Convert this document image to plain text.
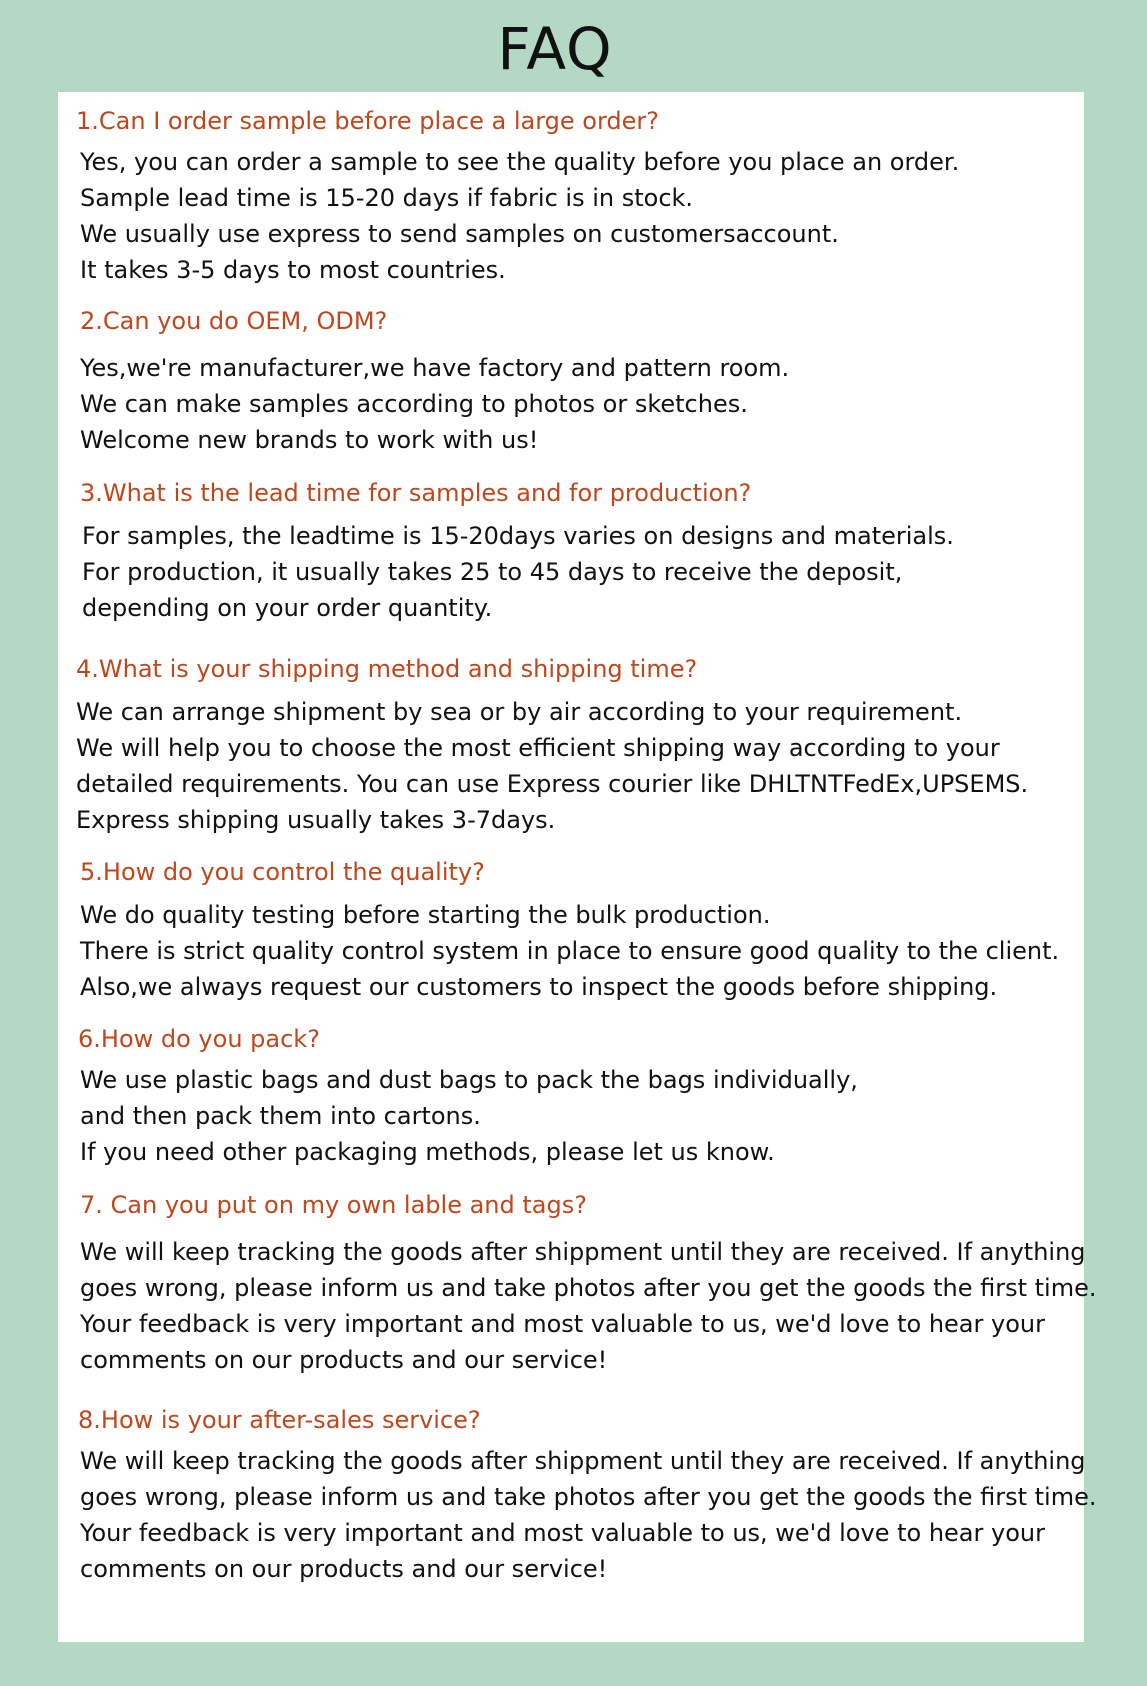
FAQ
1.Can I order sample before place a large order?
Yes, you can order a sample to see the quality before you place an order.
Sample lead time is 15-20 days if fabric is in stock.
We usually use express to send samples on customersaccount.
It takes 3-5 days to most countries.
2.Can you do OEM, ODM?
Yes,we're manufacturer,we have factory and pattern room.
We can make samples according to photos or sketches.
Welcome new brands to work with us!
3.What is the lead time for samples and for production?
For samples, the leadtime is 15-20days varies on designs and materials.
For production, it usually takes 25 to 45 days to receive the deposit,
depending on your order quantity.
4.What is your shipping method and shipping time?
We can arrange shipment by sea or by air according to your requirement.
We will help you to choose the most efficient shipping way according to your
detailed requirements. You can use Express courier like DHLTNTFedEx,UPSEMS.
Express shipping usually takes 3-7days.
5.How do you control the quality?
We do quality testing before starting the bulk production.
There is strict quality control system in place to ensure good quality to the client.
Also,we always request our customers to inspect the goods before shipping.
6.How do you pack?
We use plastic bags and dust bags to pack the bags individually,
and then pack them into cartons.
If you need other packaging methods, please let us know.
7. Can you put on my own lable and tags?
We will keep tracking the goods after shippment until they are received. If anything
goes wrong, please inform us and take photos after you get the goods the first time.
Your feedback is very important and most valuable to us, we'd love to hear your
comments on our products and our service!
8.How is your after-sales service?
We will keep tracking the goods after shippment until they are received. If anything
goes wrong, please inform us and take photos after you get the goods the first time.
Your feedback is very important and most valuable to us, we'd love to hear your
comments on our products and our service!
